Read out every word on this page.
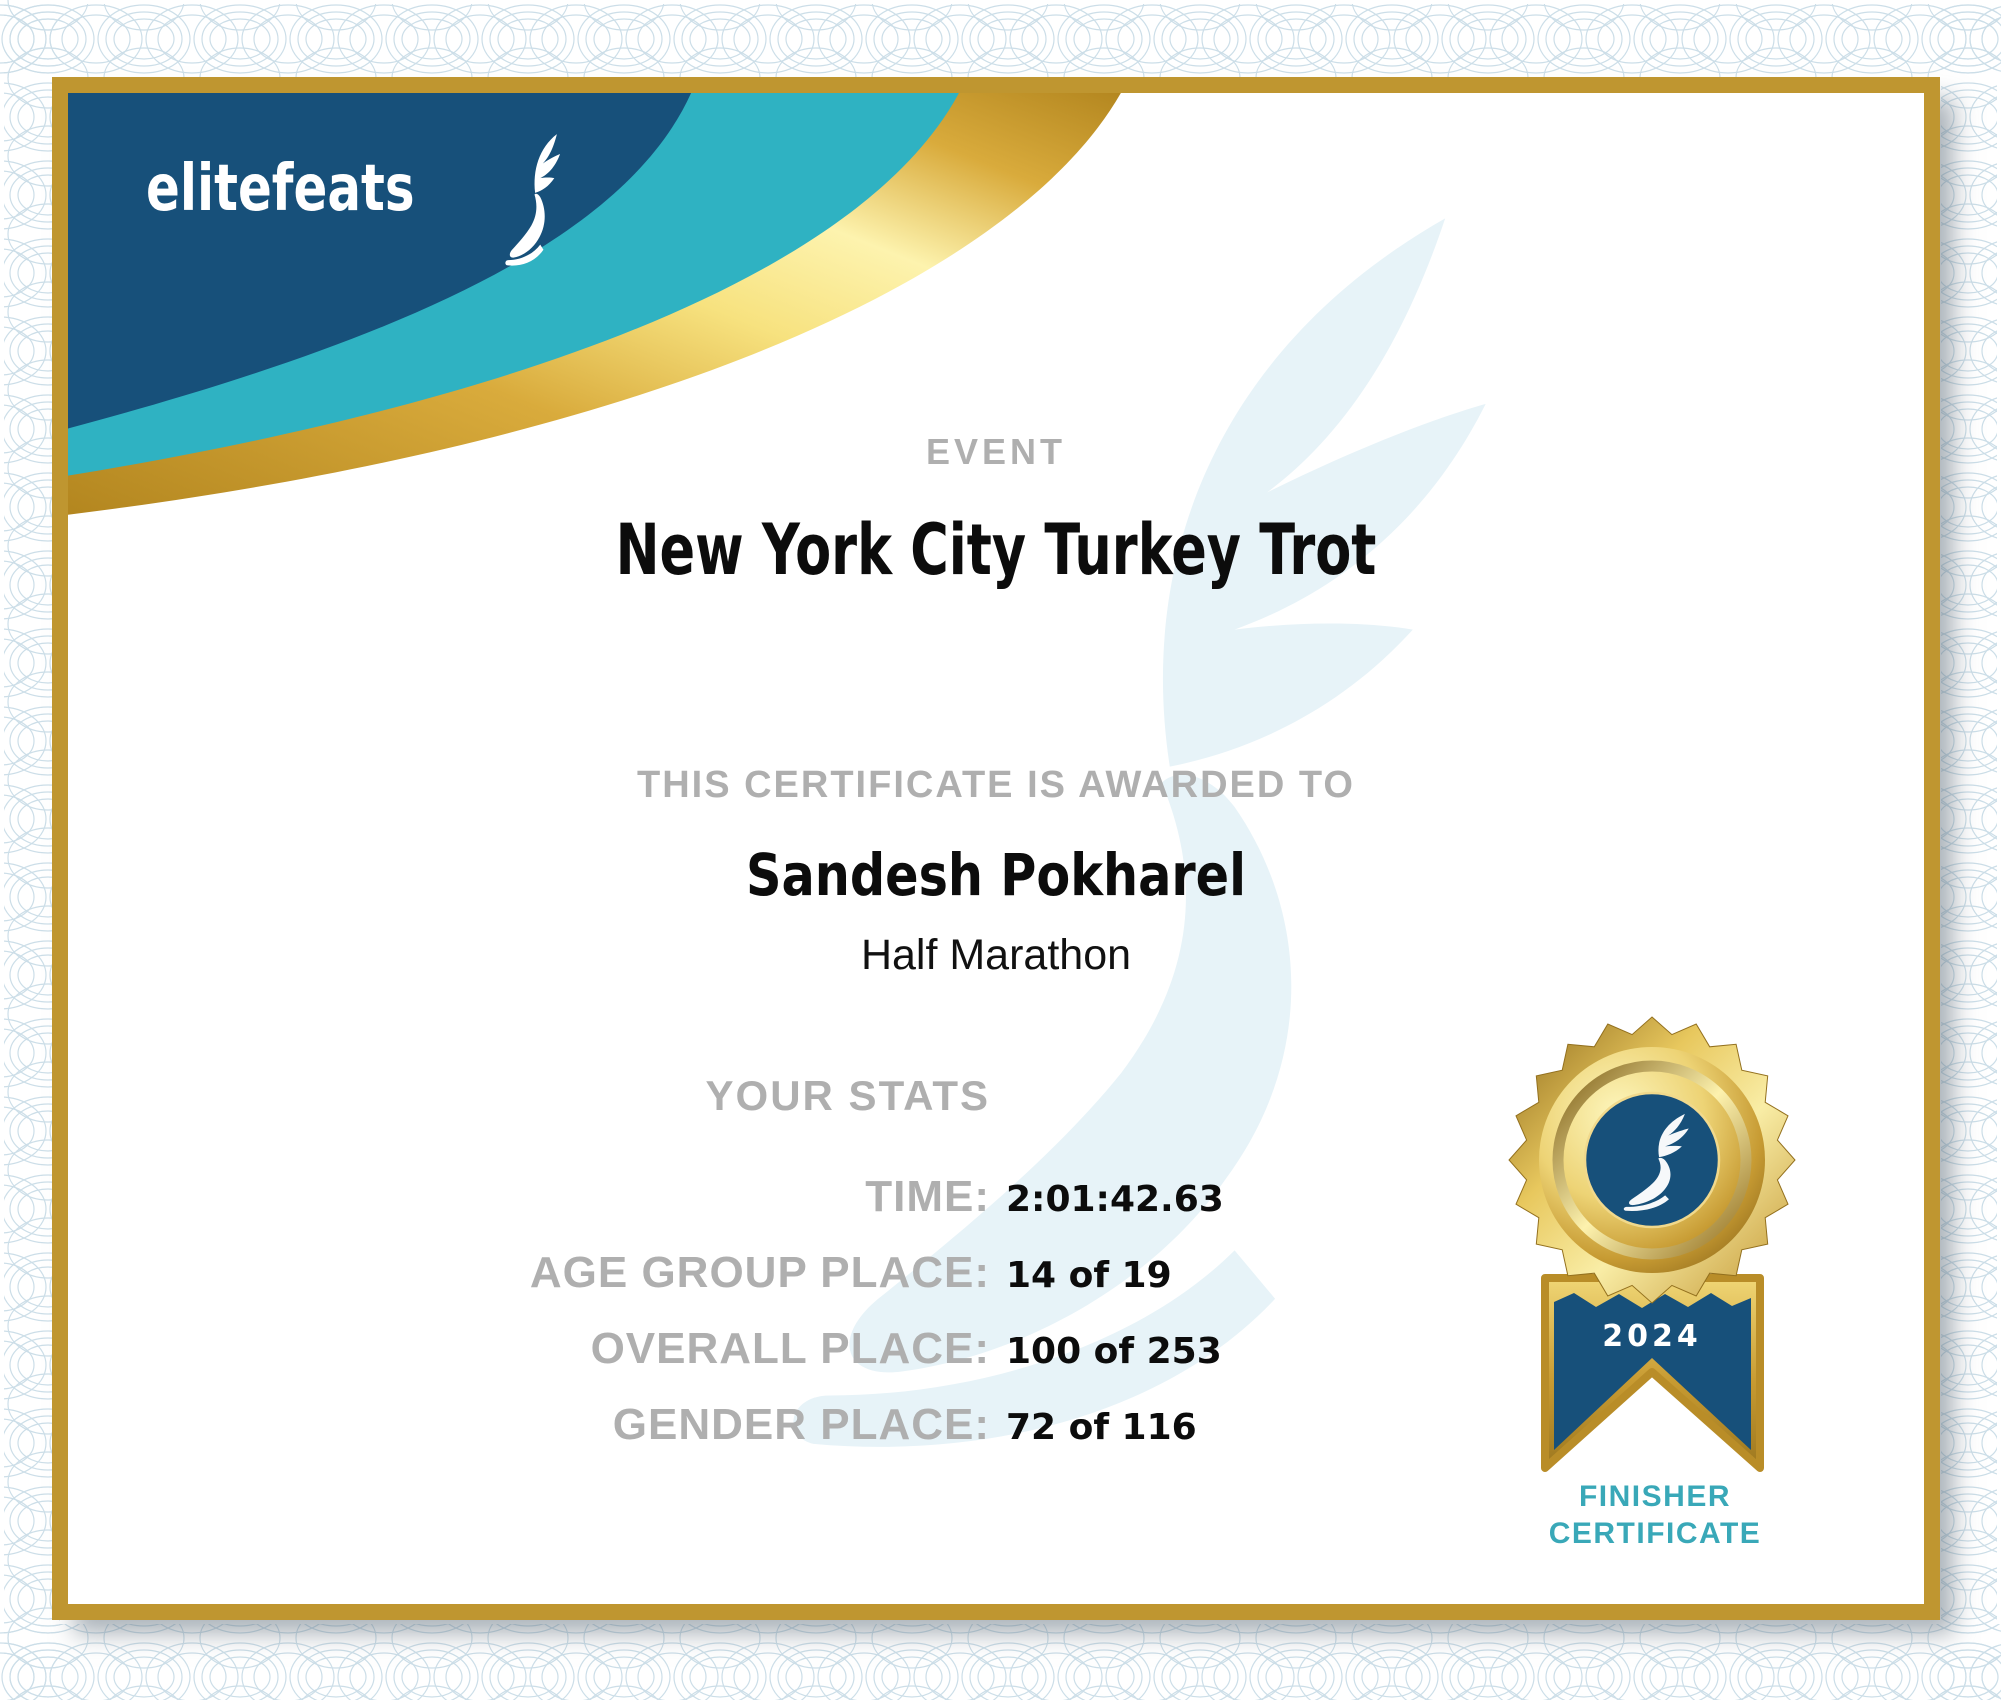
elitefeats
EVENT
New York City Turkey Trot
THIS CERTIFICATE IS AWARDED TO
Sandesh Pokharel
Half Marathon
YOUR STATS
TIME: 2:01:42.63
AGE GROUP PLACE: 14 of 19
OVERALL PLACE: 100 of 253
GENDER PLACE: 72 of 116
2024
FINISHER
CERTIFICATE
